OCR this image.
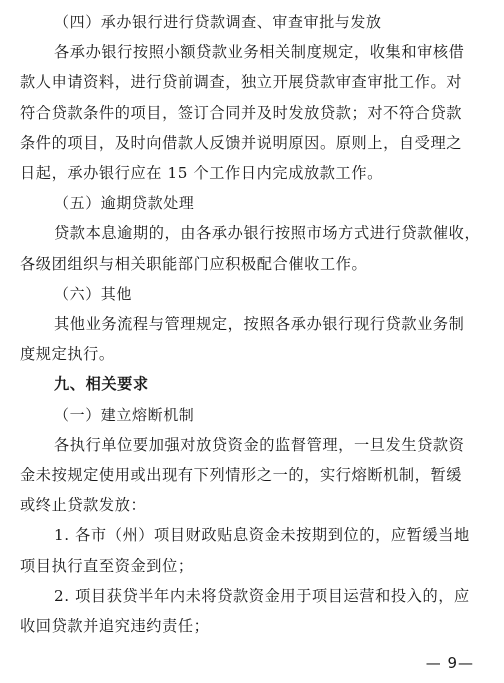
（四）承办银行进行贷款调查、审查审批与发放
各承办银行按照小额贷款业务相关制度规定，收集和审核借
款人申请资料，进行贷前调查，独立开展贷款审查审批工作。对
符合贷款条件的项目，签订合同并及时发放贷款；对不符合贷款
条件的项目，及时向借款人反馈并说明原因。原则上，自受理之
日起，承办银行应在 15 个工作日内完成放款工作。
（五）逾期贷款处理
贷款本息逾期的，由各承办银行按照市场方式进行贷款催收，
各级团组织与相关职能部门应积极配合催收工作。
（六）其他
其他业务流程与管理规定，按照各承办银行现行贷款业务制
度规定执行。
九、相关要求
（一）建立熔断机制
各执行单位要加强对放贷资金的监督管理，一旦发生贷款资
金未按规定使用或出现有下列情形之一的，实行熔断机制，暂缓
或终止贷款发放：
1. 各市（州）项目财政贴息资金未按期到位的，应暂缓当地
项目执行直至资金到位；
2. 项目获贷半年内未将贷款资金用于项目运营和投入的，应
收回贷款并追究违约责任；
— 9—
